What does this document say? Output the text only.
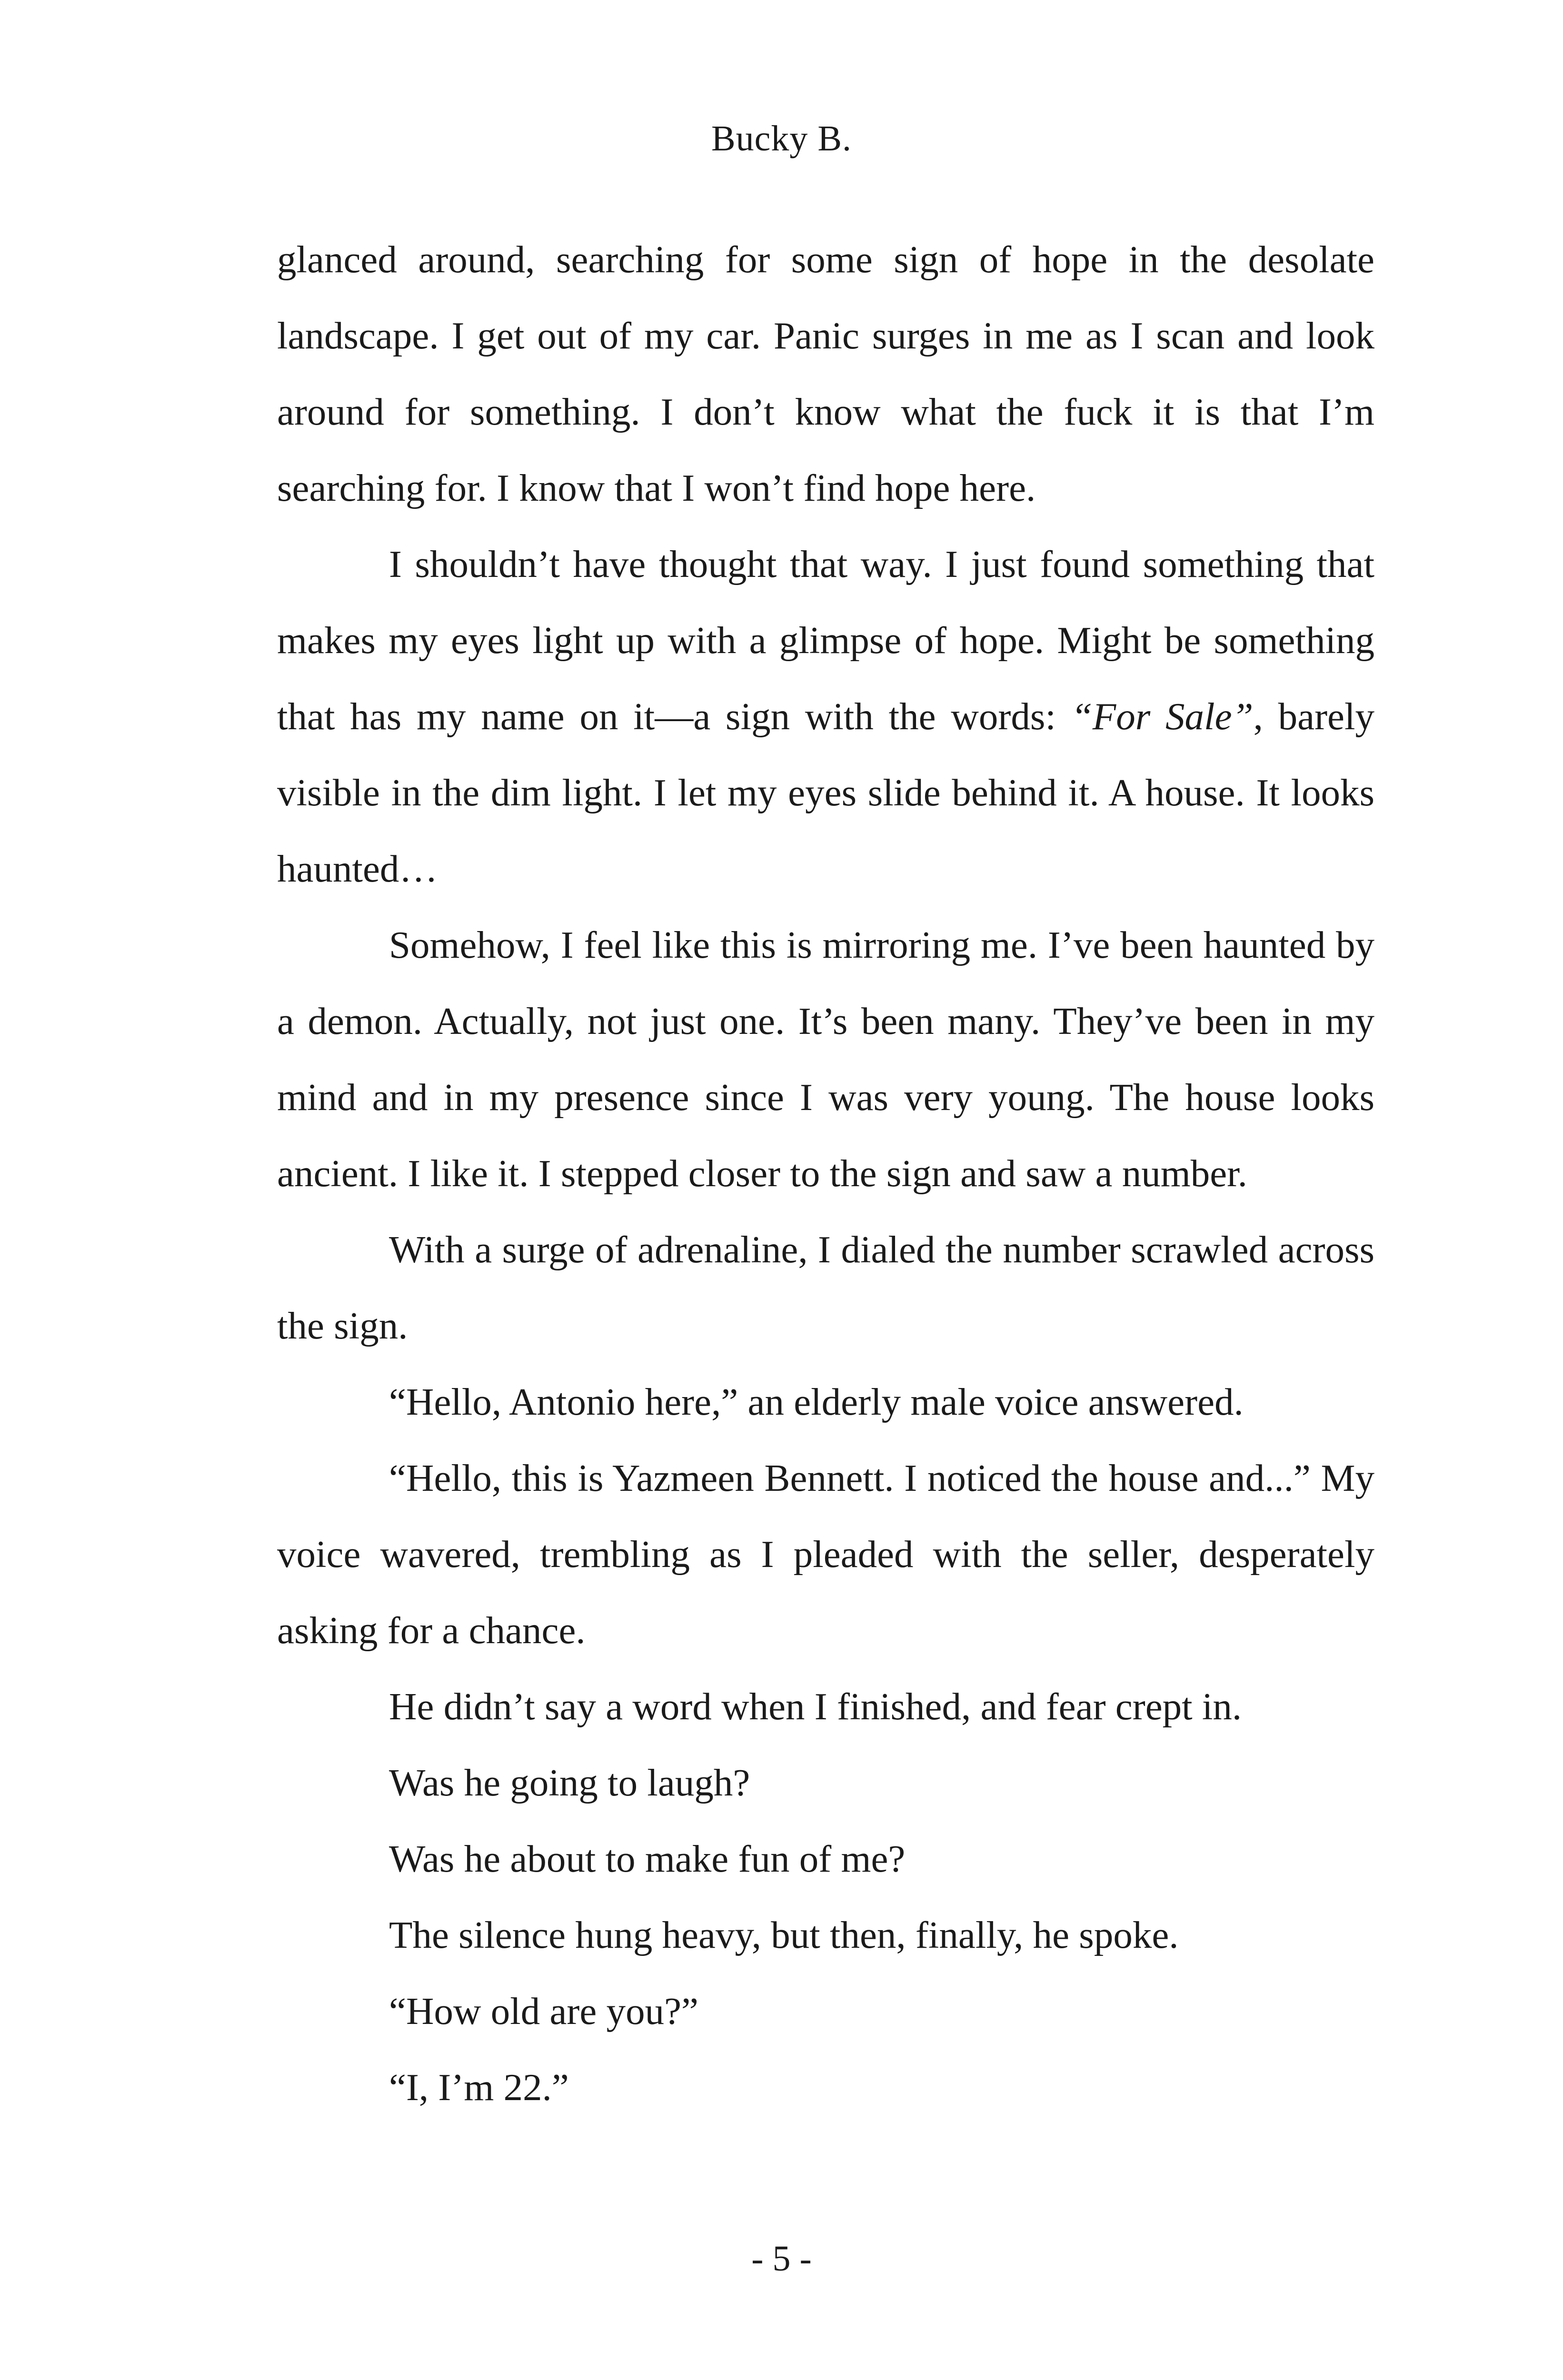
Bucky B.

glanced around, searching for some sign of hope in the desolate landscape. I get out of my car. Panic surges in me as I scan and look around for something. I don’t know what the fuck it is that I’m searching for. I know that I won’t find hope here.

I shouldn’t have thought that way. I just found something that makes my eyes light up with a glimpse of hope. Might be something that has my name on it—a sign with the words: “For Sale”, barely visible in the dim light. I let my eyes slide behind it. A house. It looks haunted…

Somehow, I feel like this is mirroring me. I’ve been haunted by a demon. Actually, not just one. It’s been many. They’ve been in my mind and in my presence since I was very young. The house looks ancient. I like it. I stepped closer to the sign and saw a number.

With a surge of adrenaline, I dialed the number scrawled across the sign.

“Hello, Antonio here,” an elderly male voice answered.

“Hello, this is Yazmeen Bennett. I noticed the house and...” My voice wavered, trembling as I pleaded with the seller, desperately asking for a chance.

He didn’t say a word when I finished, and fear crept in.

Was he going to laugh?

Was he about to make fun of me?

The silence hung heavy, but then, finally, he spoke.

“How old are you?”

“I, I’m 22.”

- 5 -
